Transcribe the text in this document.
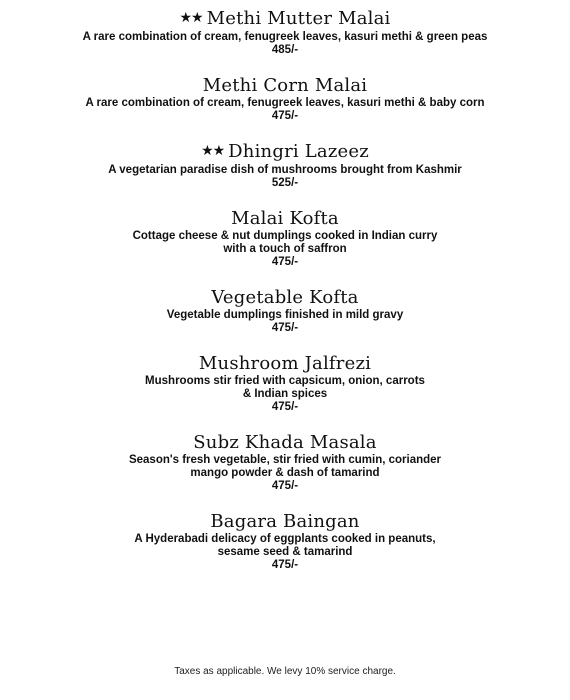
★★ Methi Mutter Malai
A rare combination of cream, fenugreek leaves, kasuri methi & green peas
485/-
Methi Corn Malai
A rare combination of cream, fenugreek leaves, kasuri methi & baby corn
475/-
★★ Dhingri Lazeez
A vegetarian paradise dish of mushrooms brought from Kashmir
525/-
Malai Kofta
Cottage cheese & nut dumplings cooked in Indian curry
with a touch of saffron
475/-
Vegetable Kofta
Vegetable dumplings finished in mild gravy
475/-
Mushroom Jalfrezi
Mushrooms stir fried with capsicum, onion, carrots
& Indian spices
475/-
Subz Khada Masala
Season's fresh vegetable, stir fried with cumin, coriander
mango powder & dash of tamarind
475/-
Bagara Baingan
A Hyderabadi delicacy of eggplants cooked in peanuts,
sesame seed & tamarind
475/-
Taxes as applicable. We levy 10% service charge.
